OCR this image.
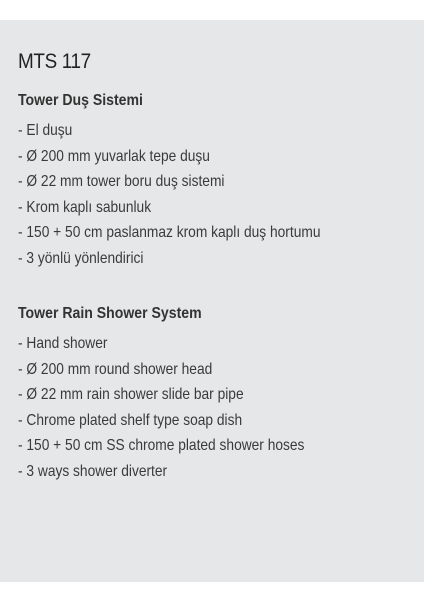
MTS 117
Tower Duş Sistemi
- El duşu
- Ø 200 mm yuvarlak tepe duşu
- Ø 22 mm tower boru duş sistemi
- Krom kaplı sabunluk
- 150 + 50 cm paslanmaz krom kaplı duş hortumu
- 3 yönlü yönlendirici
Tower Rain Shower System
- Hand shower
- Ø 200 mm round shower head
- Ø 22 mm rain shower slide bar pipe
- Chrome plated shelf type soap dish
- 150 + 50 cm SS chrome plated shower hoses
- 3 ways shower diverter
